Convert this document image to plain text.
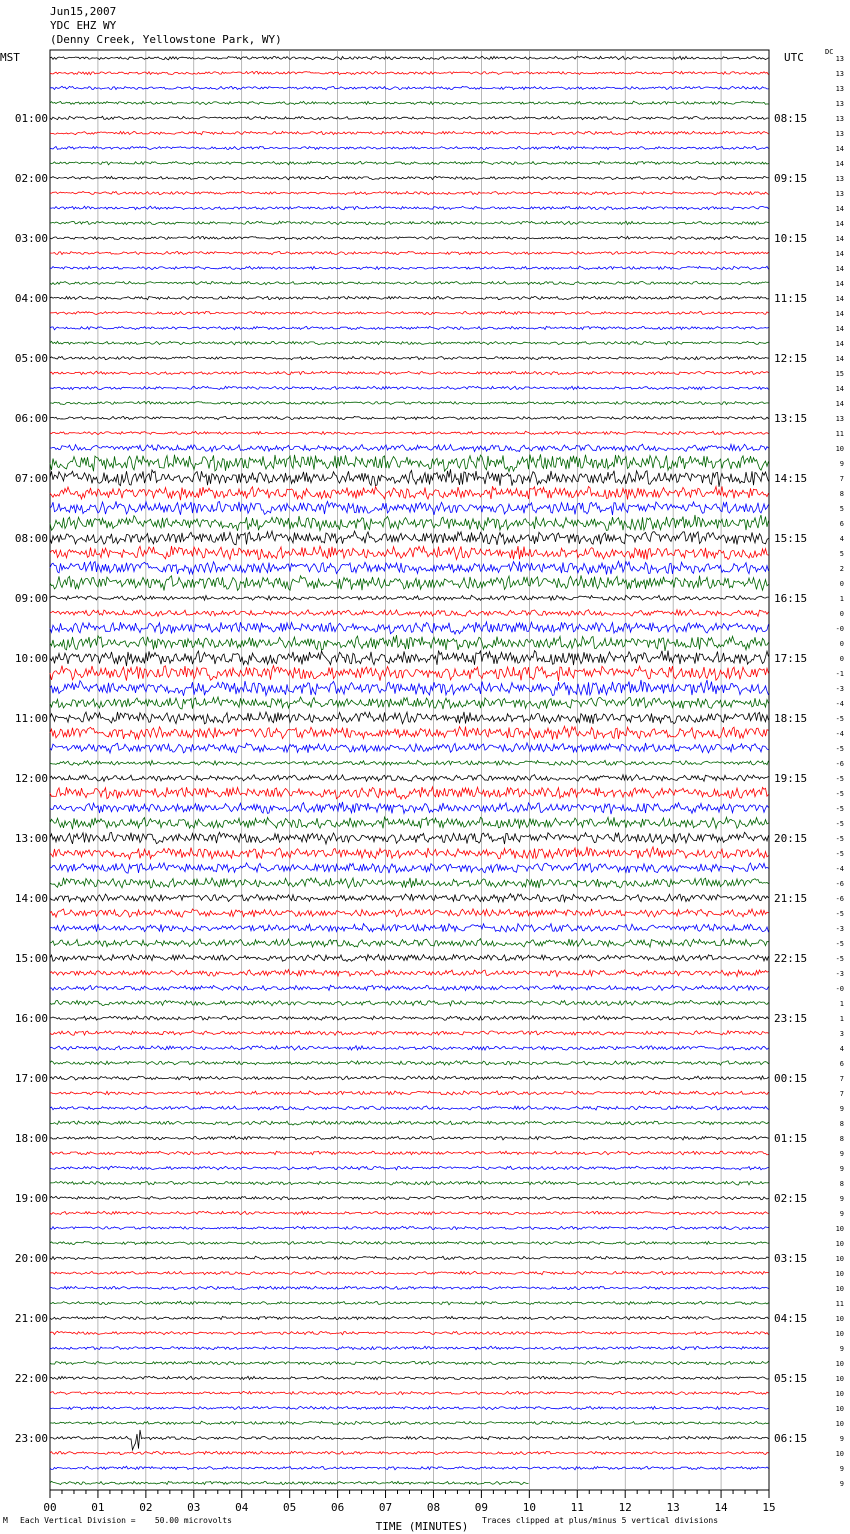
Jun15,2007
YDC EHZ WY
(Denny Creek, Yellowstone Park, WY)
MST	UTC	DC
M Each Vertical Division =    50.00 microvolts	Traces clipped at plus/minus 5 vertical divisions
13
13
13
13
13
13
14
14
13
13
14
14
14
14
14
14
14
14
14
14
14
15
14
14
13
11
10
9
7
8
5
6
4
5
2
0
1
0
-0
0
0
-1
-3
-4
-5
-4
-5
-6
-5
-5
-5
-5
-5
-5
-4
-6
-6
-5
-3
-5
-5
-3
-0
1
1
3
4
6
7
7
9
8
8
9
9
8
9
9
10
10
10
10
10
11
10
10
9
10
10
10
10
10
9
10
9
9
01:00
02:00
03:00
04:00
05:00
06:00
07:00
08:00
09:00
10:00
11:00
12:00
13:00
14:00
15:00
16:00
17:00
18:00
19:00
20:00
21:00
22:00
23:00
08:15
09:15
10:15
11:15
12:15
13:15
14:15
15:15
16:15
17:15
18:15
19:15
20:15
21:15
22:15
23:15
00:15
01:15
02:15
03:15
04:15
05:15
06:15
00	01	02	03	04	05	06	07	08	09	10	11	12	13	14	15
TIME (MINUTES)
